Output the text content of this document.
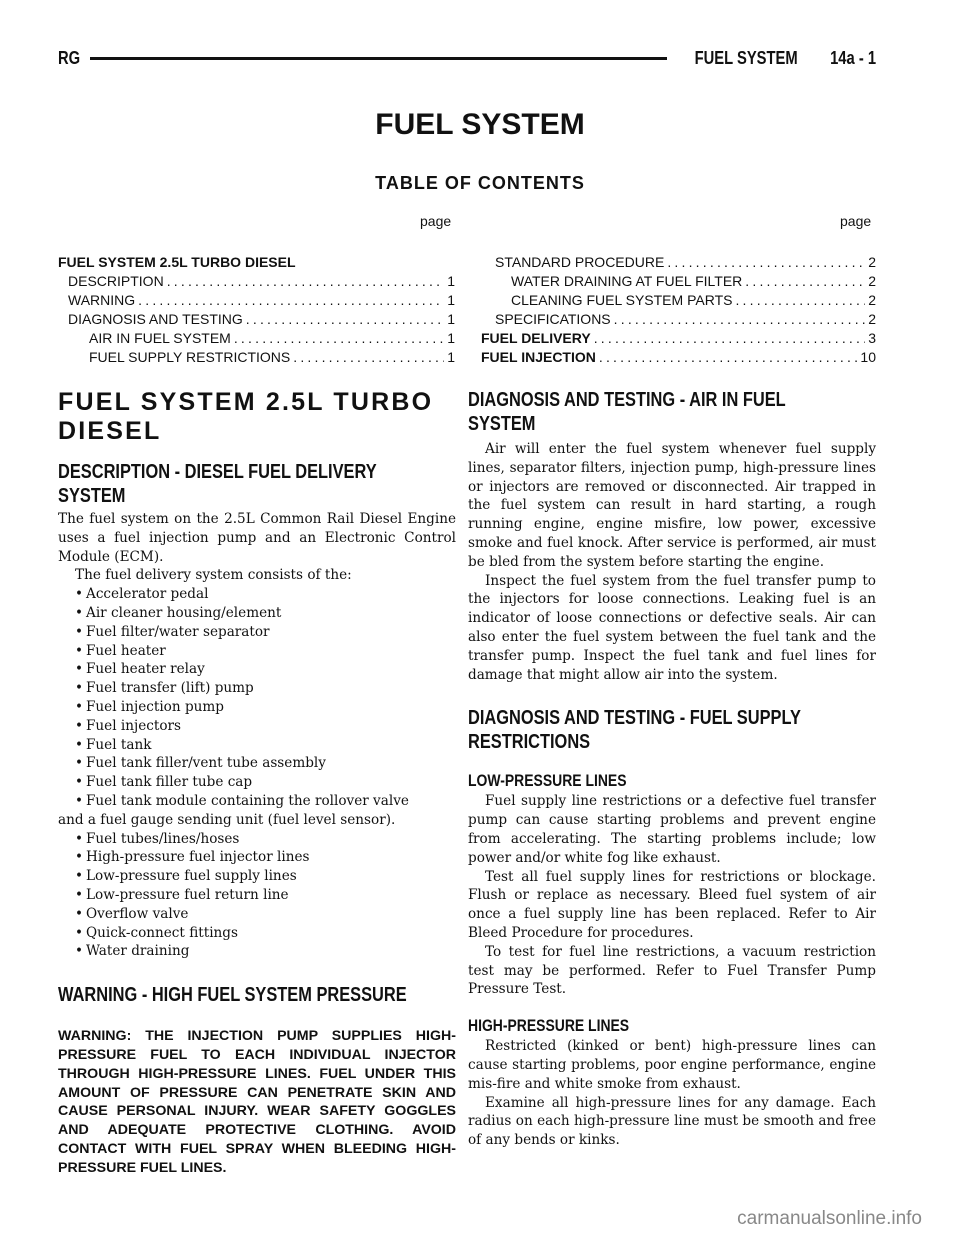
RG	FUEL SYSTEM 14a - 1
FUEL SYSTEM
TABLE OF CONTENTS
page	page
FUEL SYSTEM 2.5L TURBO DIESEL
DESCRIPTION .....	1
WARNING .....	1
DIAGNOSIS AND TESTING .....	1
AIR IN FUEL SYSTEM .....	1
FUEL SUPPLY RESTRICTIONS .....	1
STANDARD PROCEDURE .....	2
WATER DRAINING AT FUEL FILTER .....	2
CLEANING FUEL SYSTEM PARTS .....	2
SPECIFICATIONS .....	2
FUEL DELIVERY .....	3
FUEL INJECTION .....	10
FUEL SYSTEM 2.5L TURBO
DIESEL
DESCRIPTION - DIESEL FUEL DELIVERY
SYSTEM

The fuel system on the 2.5L Common Rail Diesel Engine uses a fuel injection pump and an Electronic Control Module (ECM).

The fuel delivery system consists of the:

• Accelerator pedal
• Air cleaner housing/element
• Fuel filter/water separator
• Fuel heater
• Fuel heater relay
• Fuel transfer (lift) pump
• Fuel injection pump
• Fuel injectors
• Fuel tank
• Fuel tank filler/vent tube assembly
• Fuel tank filler tube cap
• Fuel tank module containing the rollover valve

and a fuel gauge sending unit (fuel level sensor).

• Fuel tubes/lines/hoses
• High-pressure fuel injector lines
• Low-pressure fuel supply lines
• Low-pressure fuel return line
• Overflow valve
• Quick-connect fittings
• Water draining
WARNING - HIGH FUEL SYSTEM PRESSURE

WARNING: THE INJECTION PUMP SUPPLIES HIGH-PRESSURE FUEL TO EACH INDIVIDUAL INJECTOR THROUGH HIGH-PRESSURE LINES. FUEL UNDER THIS AMOUNT OF PRESSURE CAN PENETRATE SKIN AND CAUSE PERSONAL INJURY. WEAR SAFETY GOGGLES AND ADEQUATE PROTECTIVE CLOTHING. AVOID CONTACT WITH FUEL SPRAY WHEN BLEEDING HIGH-PRESSURE FUEL LINES.

DIAGNOSIS AND TESTING - AIR IN FUEL
SYSTEM

Air will enter the fuel system whenever fuel supply lines, separator filters, injection pump, high-pressure lines or injectors are removed or disconnected. Air trapped in the fuel system can result in hard starting, a rough running engine, engine misfire, low power, excessive smoke and fuel knock. After service is performed, air must be bled from the system before starting the engine.

Inspect the fuel system from the fuel transfer pump to the injectors for loose connections. Leaking fuel is an indicator of loose connections or defective seals. Air can also enter the fuel system between the fuel tank and the transfer pump. Inspect the fuel tank and fuel lines for damage that might allow air into the system.

DIAGNOSIS AND TESTING - FUEL SUPPLY
RESTRICTIONS
LOW-PRESSURE LINES

Fuel supply line restrictions or a defective fuel transfer pump can cause starting problems and prevent engine from accelerating. The starting problems include; low power and/or white fog like exhaust.

Test all fuel supply lines for restrictions or blockage. Flush or replace as necessary. Bleed fuel system of air once a fuel supply line has been replaced. Refer to Air Bleed Procedure for procedures.

To test for fuel line restrictions, a vacuum restriction test may be performed. Refer to Fuel Transfer Pump Pressure Test.

HIGH-PRESSURE LINES

Restricted (kinked or bent) high-pressure lines can cause starting problems, poor engine performance, engine mis-fire and white smoke from exhaust.

Examine all high-pressure lines for any damage. Each radius on each high-pressure line must be smooth and free of any bends or kinks.

carmanualsonline.info
